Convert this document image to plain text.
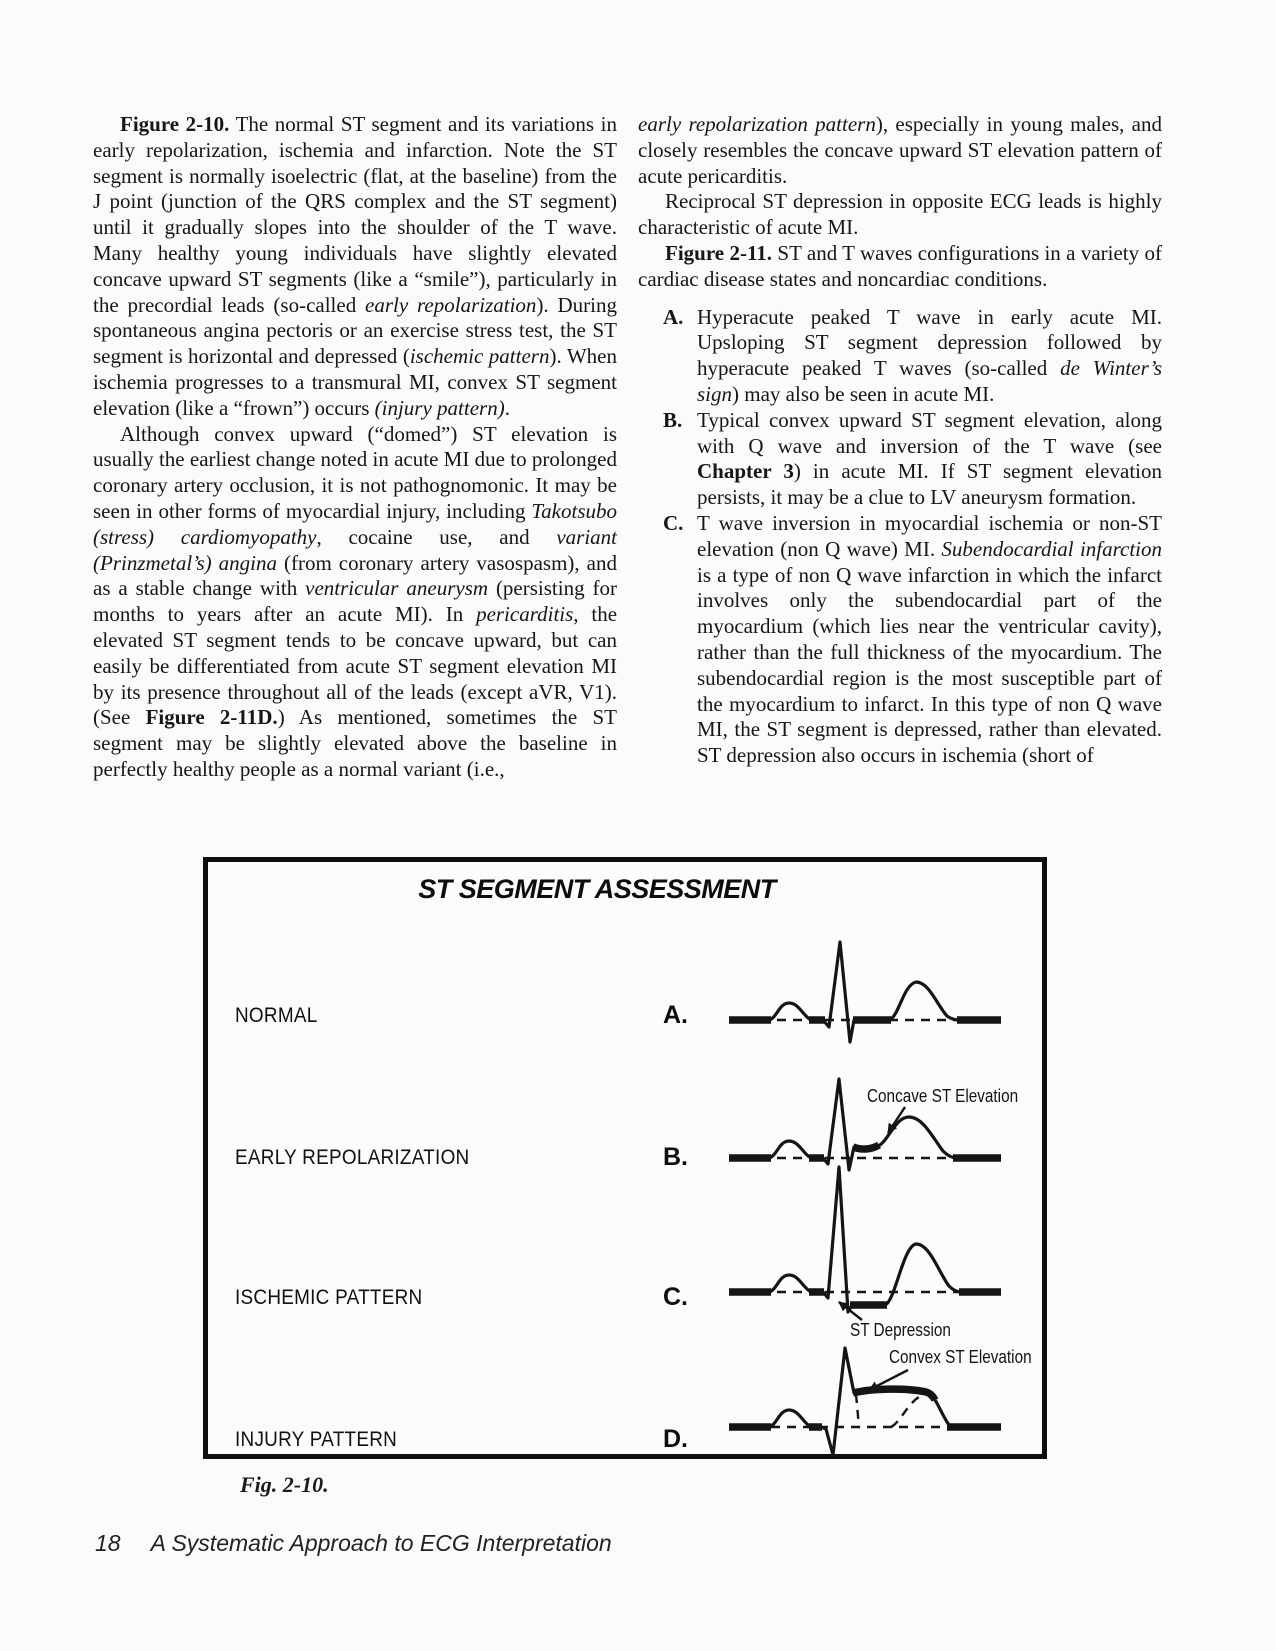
Figure 2-10. The normal ST segment and its variations in early repolarization, ischemia and infarction. Note the ST segment is normally isoelectric (flat, at the baseline) from the J point (junction of the QRS complex and the ST segment) until it gradually slopes into the shoulder of the T wave. Many healthy young individuals have slightly elevated concave upward ST segments (like a “smile”), particularly in the precordial leads (so-called early repolarization). During spontaneous angina pectoris or an exercise stress test, the ST segment is horizontal and depressed (ischemic pattern). When ischemia progresses to a transmural MI, convex ST segment elevation (like a “frown”) occurs (injury pattern).

Although convex upward (“domed”) ST elevation is usually the earliest change noted in acute MI due to prolonged coronary artery occlusion, it is not pathognomonic. It may be seen in other forms of myocardial injury, including Takotsubo (stress) cardiomyopathy, cocaine use, and variant (Prinzmetal’s) angina (from coronary artery vasospasm), and as a stable change with ventricular aneurysm (persisting for months to years after an acute MI). In pericarditis, the elevated ST segment tends to be concave upward, but can easily be differentiated from acute ST segment elevation MI by its presence throughout all of the leads (except aVR, V1). (See Figure 2-11D.) As mentioned, sometimes the ST segment may be slightly elevated above the baseline in perfectly healthy people as a normal variant (i.e.,

early repolarization pattern), especially in young males, and closely resembles the concave upward ST elevation pattern of acute pericarditis.

Reciprocal ST depression in opposite ECG leads is highly characteristic of acute MI.

Figure 2-11. ST and T waves configurations in a variety of cardiac disease states and noncardiac conditions.

A. Hyperacute peaked T wave in early acute MI. Upsloping ST segment depression followed by hyperacute peaked T waves (so-called de Winter’s sign) may also be seen in acute MI.
B. Typical convex upward ST segment elevation, along with Q wave and inversion of the T wave (see Chapter 3) in acute MI. If ST segment elevation persists, it may be a clue to LV aneurysm formation.
C. T wave inversion in myocardial ischemia or non-ST elevation (non Q wave) MI. Subendocardial infarction is a type of non Q wave infarction in which the infarct involves only the subendocardial part of the myocardium (which lies near the ventricular cavity), rather than the full thickness of the myocardium. The subendocardial region is the most susceptible part of the myocardium to infarct. In this type of non Q wave MI, the ST segment is depressed, rather than elevated. ST depression also occurs in ischemia (short of
ST SEGMENT ASSESSMENT
NORMAL	A.
EARLY REPOLARIZATION	B.
Concave ST Elevation
ISCHEMIC PATTERN	C.
ST Depression
INJURY PATTERN	D.
Convex ST Elevation
Fig. 2-10.
18 A Systematic Approach to ECG Interpretation
